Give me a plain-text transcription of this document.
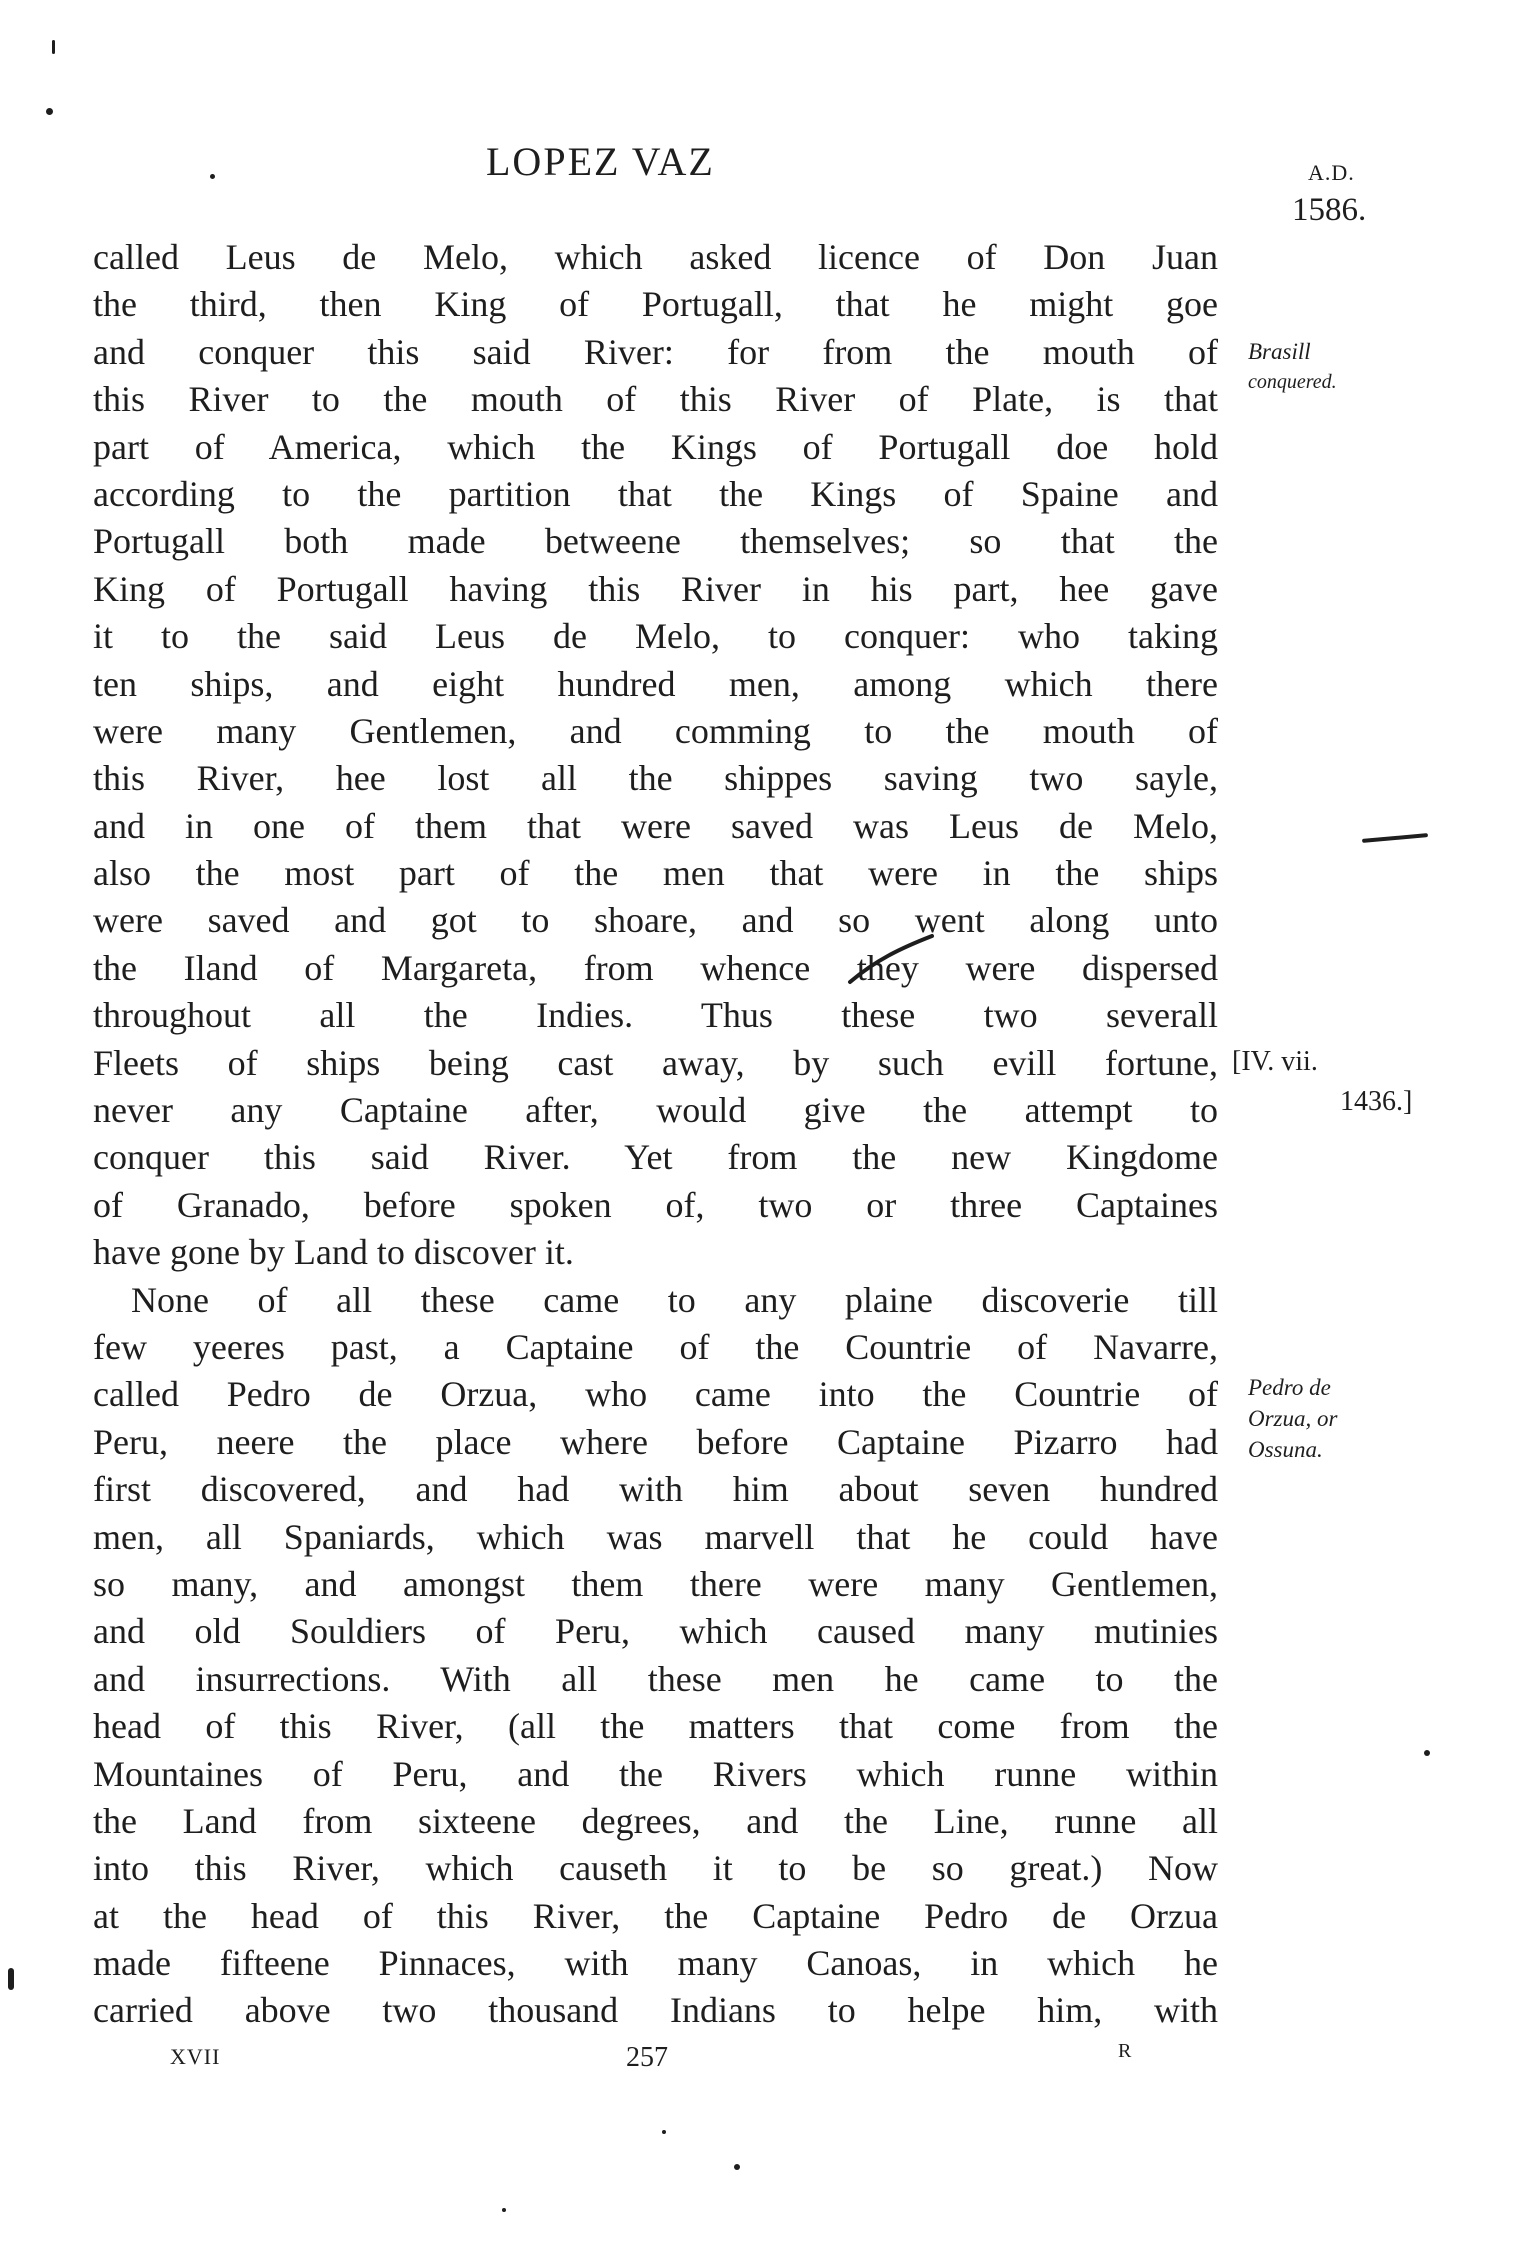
LOPEZ VAZ	A.D.
1586.
called Leus de Melo, which asked licence of Don Juan
the third, then King of Portugall, that he might goe
and conquer this said River: for from the mouth of
this River to the mouth of this River of Plate, is that
part of America, which the Kings of Portugall doe hold
according to the partition that the Kings of Spaine and
Portugall both made betweene themselves; so that the
King of Portugall having this River in his part, hee gave
it to the said Leus de Melo, to conquer: who taking
ten ships, and eight hundred men, among which there
were many Gentlemen, and comming to the mouth of
this River, hee lost all the shippes saving two sayle,
and in one of them that were saved was Leus de Melo,
also the most part of the men that were in the ships
were saved and got to shoare, and so went along unto
the Iland of Margareta, from whence they were dispersed
throughout all the Indies. Thus these two severall
Fleets of ships being cast away, by such evill fortune,
never any Captaine after, would give the attempt to
conquer this said River. Yet from the new Kingdome
of Granado, before spoken of, two or three Captaines
have gone by Land to discover it.
None of all these came to any plaine discoverie till
few yeeres past, a Captaine of the Countrie of Navarre,
called Pedro de Orzua, who came into the Countrie of
Peru, neere the place where before Captaine Pizarro had
first discovered, and had with him about seven hundred
men, all Spaniards, which was marvell that he could have
so many, and amongst them there were many Gentlemen,
and old Souldiers of Peru, which caused many mutinies
and insurrections. With all these men he came to the
head of this River, (all the matters that come from the
Mountaines of Peru, and the Rivers which runne within
the Land from sixteene degrees, and the Line, runne all
into this River, which causeth it to be so great.) Now
at the head of this River, the Captaine Pedro de Orzua
made fifteene Pinnaces, with many Canoas, in which he
carried above two thousand Indians to helpe him, with
Brasill
conquered.
[IV. vii.
1436.]
Pedro de
Orzua, or
Ossuna.
XVII	257	R
